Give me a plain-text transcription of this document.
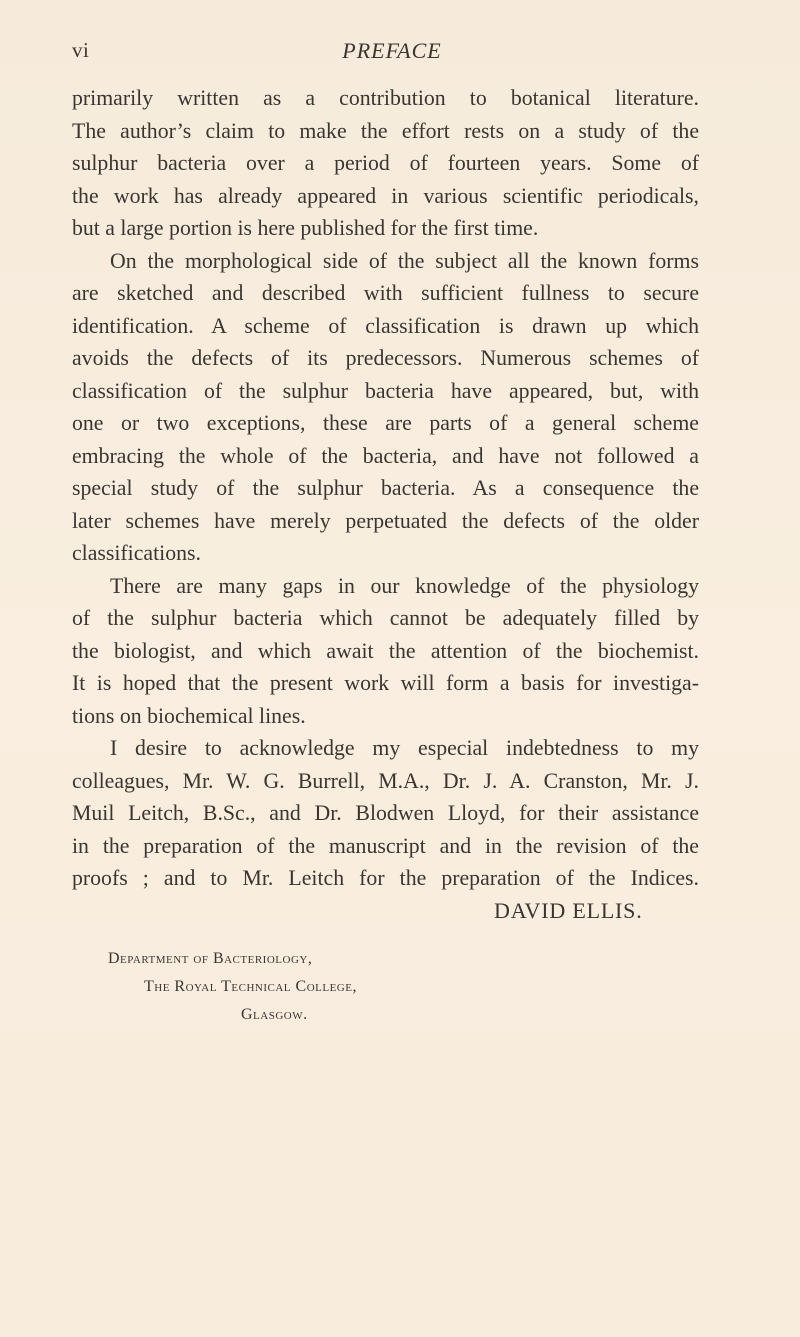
vi	PREFACE
primarily written as a contribution to botanical literature.
The author’s claim to make the effort rests on a study of the
sulphur bacteria over a period of fourteen years. Some of
the work has already appeared in various scientific periodicals,
but a large portion is here published for the first time.
On the morphological side of the subject all the known forms
are sketched and described with sufficient fullness to secure
identification. A scheme of classification is drawn up which
avoids the defects of its predecessors. Numerous schemes of
classification of the sulphur bacteria have appeared, but, with
one or two exceptions, these are parts of a general scheme
embracing the whole of the bacteria, and have not followed a
special study of the sulphur bacteria. As a consequence the
later schemes have merely perpetuated the defects of the older
classifications.
There are many gaps in our knowledge of the physiology
of the sulphur bacteria which cannot be adequately filled by
the biologist, and which await the attention of the biochemist.
It is hoped that the present work will form a basis for investiga-
tions on biochemical lines.
I desire to acknowledge my especial indebtedness to my
colleagues, Mr. W. G. Burrell, M.A., Dr. J. A. Cranston, Mr. J.
Muil Leitch, B.Sc., and Dr. Blodwen Lloyd, for their assistance
in the preparation of the manuscript and in the revision of the
proofs ; and to Mr. Leitch for the preparation of the Indices.
DAVID ELLIS.
Department of Bacteriology,
The Royal Technical College,
Glasgow.
